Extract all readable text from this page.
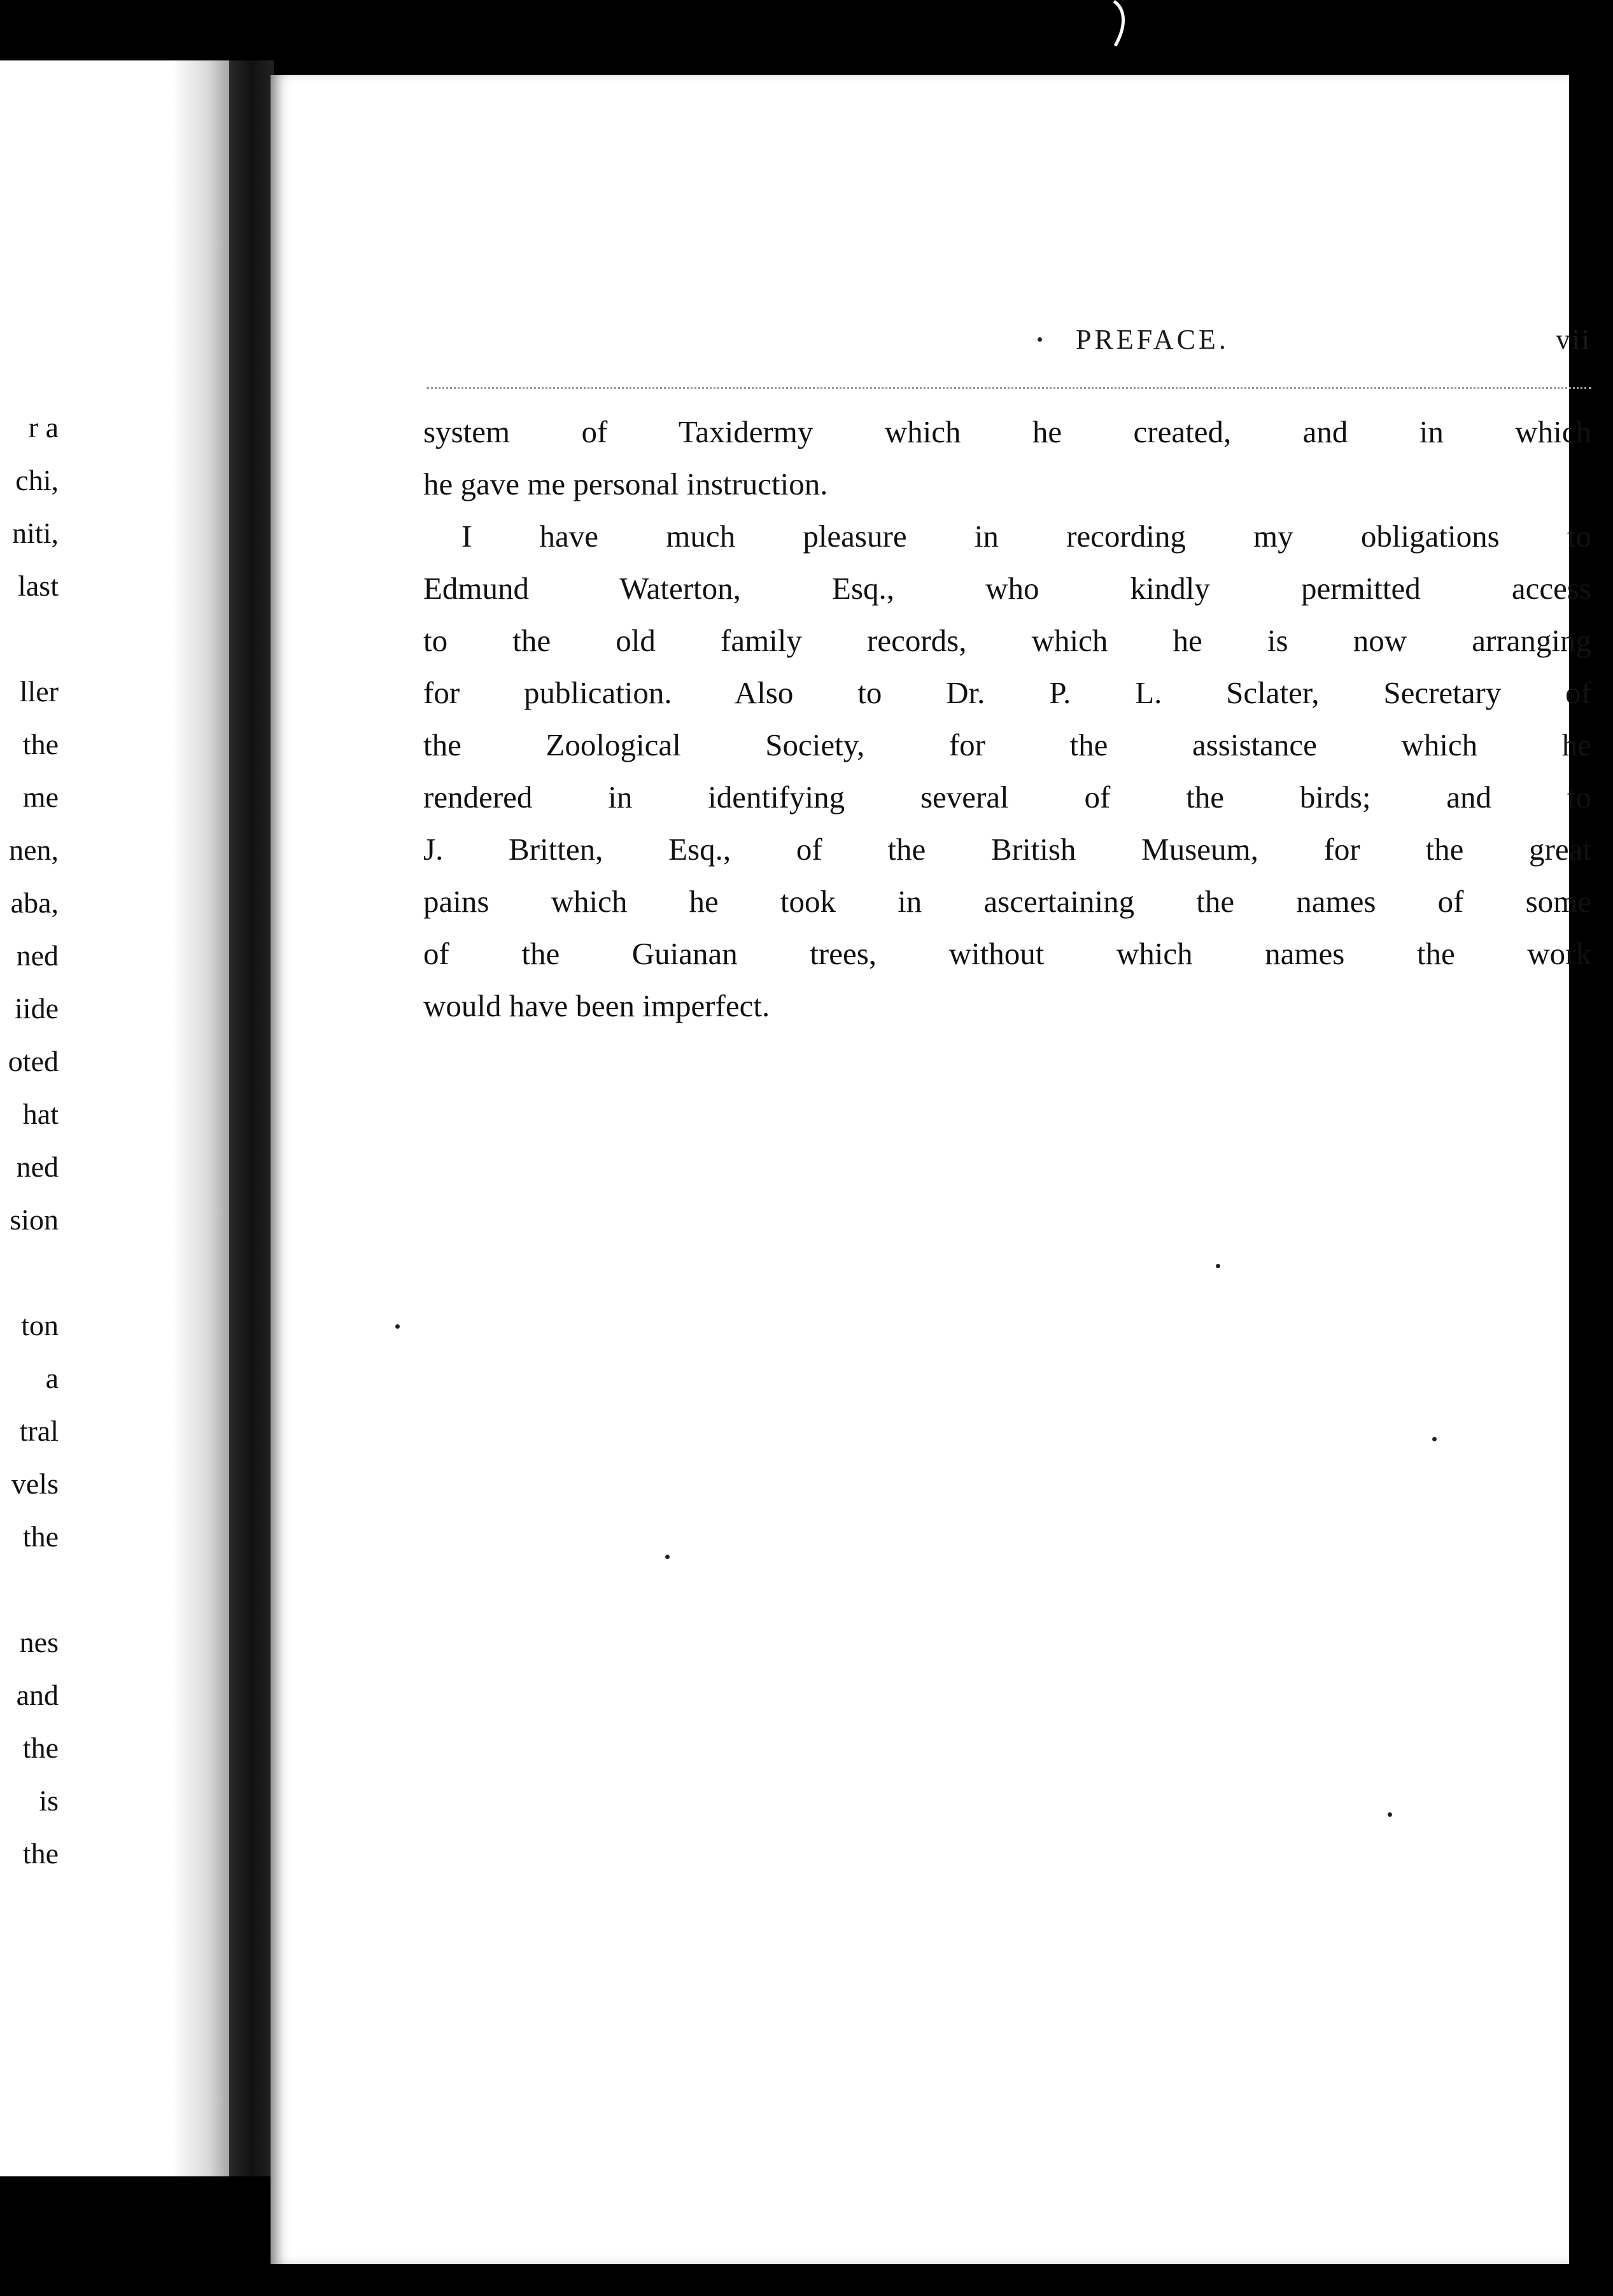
r a
chi,
niti,
last
ller
the
me
nen,
aba,
ned
iide
oted
hat
ned
sion
ton
a
tral
vels
the
nes
and
the
is
the
PREFACE.	vii
system of Taxidermy which he created, and in which
he gave me personal instruction.
I have much pleasure in recording my obligations to
Edmund Waterton, Esq., who kindly permitted access
to the old family records, which he is now arranging
for publication. Also to Dr. P. L. Sclater, Secretary of
the Zoological Society, for the assistance which he
rendered in identifying several of the birds; and to
J. Britten, Esq., of the British Museum, for the great
pains which he took in ascertaining the names of some
of the Guianan trees, without which names the work
would have been imperfect.
